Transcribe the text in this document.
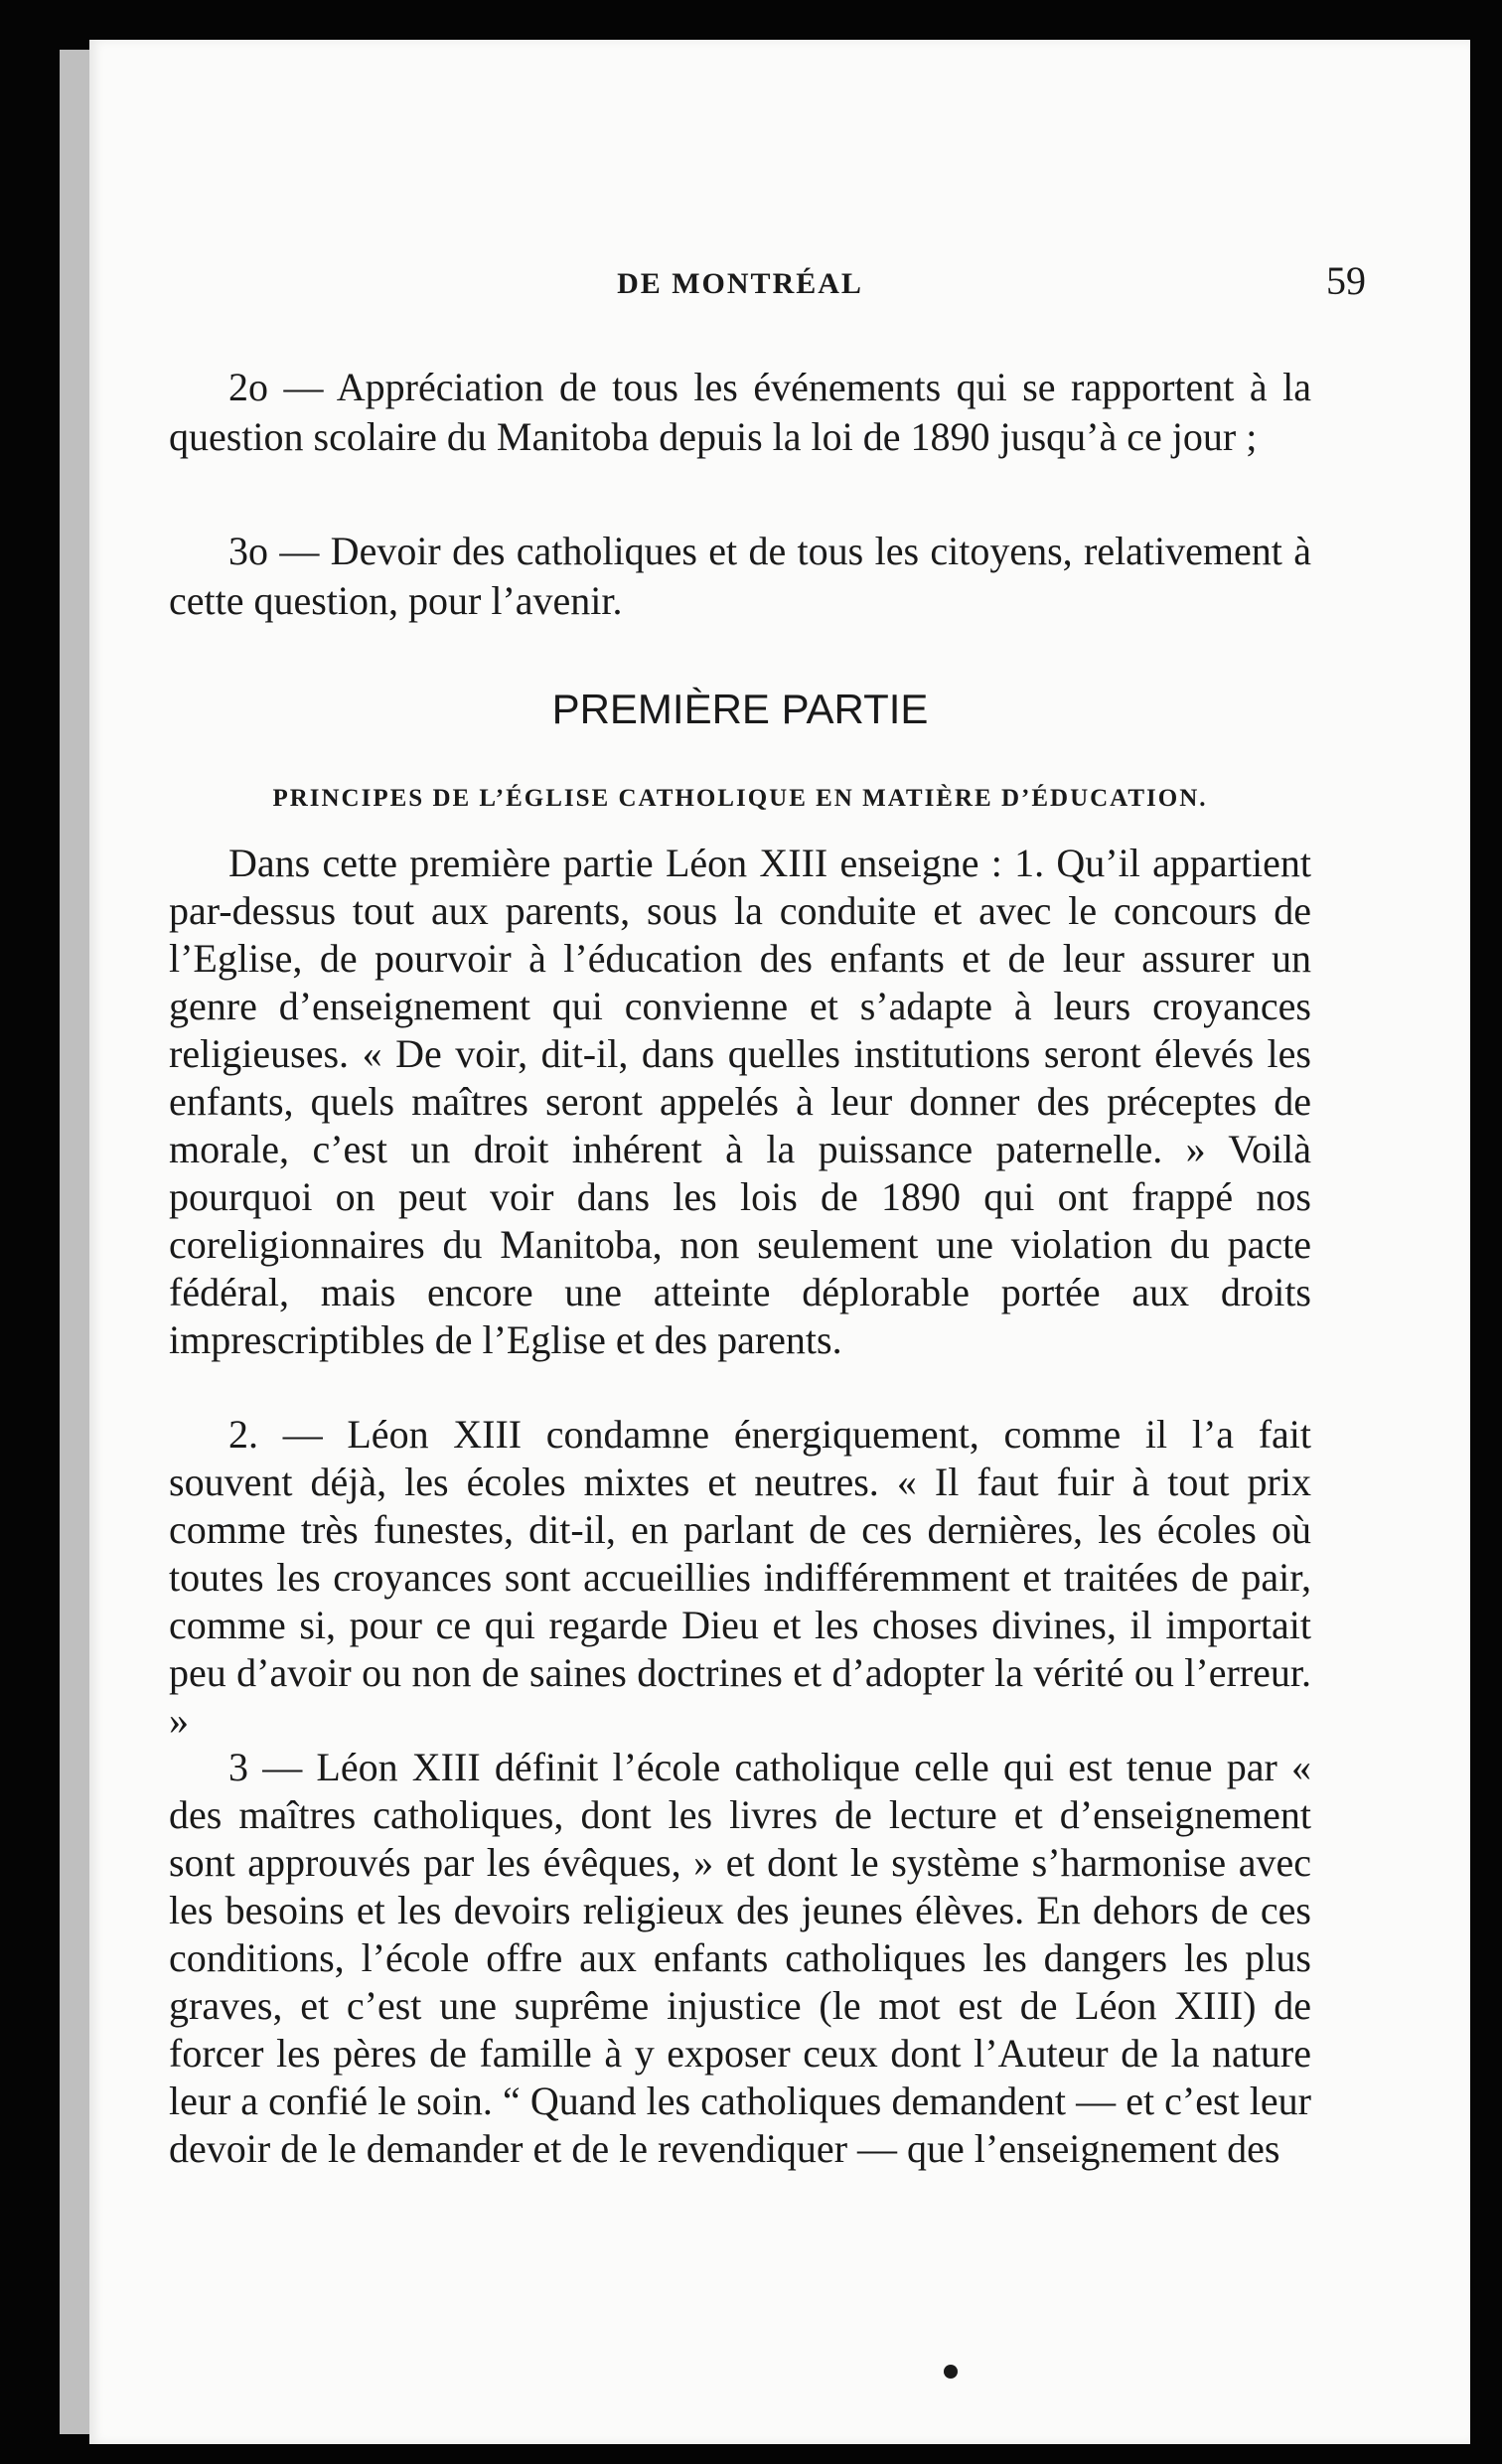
DE MONTRÉAL	59

2o — Appréciation de tous les événements qui se rapportent à la question scolaire du Manitoba depuis la loi de 1890 jusqu’à ce jour ;

3o — Devoir des catholiques et de tous les citoyens, relativement à cette question, pour l’avenir.

PREMIÈRE PARTIE
PRINCIPES DE L’ÉGLISE CATHOLIQUE EN MATIÈRE D’ÉDUCATION.

Dans cette première partie Léon XIII enseigne : 1. Qu’il appartient par-dessus tout aux parents, sous la conduite et avec le concours de l’Eglise, de pourvoir à l’éducation des enfants et de leur assurer un genre d’enseignement qui convienne et s’adapte à leurs croyances religieuses. « De voir, dit-il, dans quelles institutions seront élevés les enfants, quels maîtres seront appelés à leur donner des préceptes de morale, c’est un droit inhérent à la puissance paternelle. » Voilà pourquoi on peut voir dans les lois de 1890 qui ont frappé nos coreligionnaires du Manitoba, non seulement une violation du pacte fédéral, mais encore une atteinte déplorable portée aux droits imprescriptibles de l’Eglise et des parents.

2. — Léon XIII condamne énergiquement, comme il l’a fait souvent déjà, les écoles mixtes et neutres. « Il faut fuir à tout prix comme très funestes, dit-il, en parlant de ces dernières, les écoles où toutes les croyances sont accueillies indifféremment et traitées de pair, comme si, pour ce qui regarde Dieu et les choses divines, il importait peu d’avoir ou non de saines doctrines et d’adopter la vérité ou l’erreur. »

3 — Léon XIII définit l’école catholique celle qui est tenue par « des maîtres catholiques, dont les livres de lecture et d’enseignement sont approuvés par les évêques, » et dont le système s’harmonise avec les besoins et les devoirs religieux des jeunes élèves. En dehors de ces conditions, l’école offre aux enfants catholiques les dangers les plus graves, et c’est une suprême injustice (le mot est de Léon XIII) de forcer les pères de famille à y exposer ceux dont l’Auteur de la nature leur a confié le soin. “ Quand les catholiques demandent — et c’est leur devoir de le demander et de le revendiquer — que l’enseignement des
